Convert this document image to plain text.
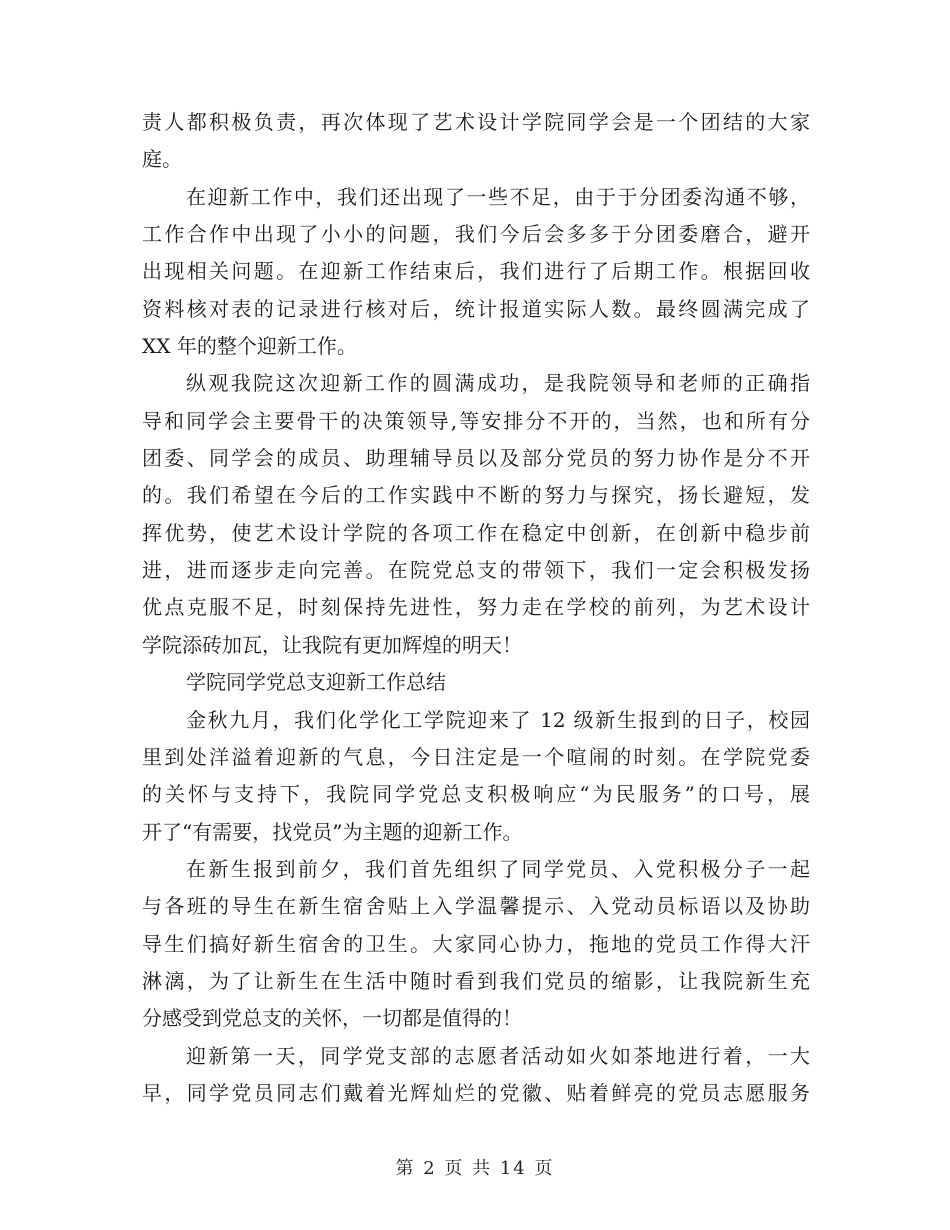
责人都积极负责，再次体现了艺术设计学院同学会是一个团结的大家
庭。
在迎新工作中，我们还出现了一些不足，由于于分团委沟通不够，
工作合作中出现了小小的问题，我们今后会多多于分团委磨合，避开
出现相关问题。在迎新工作结束后，我们进行了后期工作。根据回收
资料核对表的记录进行核对后，统计报道实际人数。最终圆满完成了
XX 年的整个迎新工作。
纵观我院这次迎新工作的圆满成功，是我院领导和老师的正确指
导和同学会主要骨干的决策领导,等安排分不开的，当然，也和所有分
团委、同学会的成员、助理辅导员以及部分党员的努力协作是分不开
的。我们希望在今后的工作实践中不断的努力与探究，扬长避短，发
挥优势，使艺术设计学院的各项工作在稳定中创新，在创新中稳步前
进，进而逐步走向完善。在院党总支的带领下，我们一定会积极发扬
优点克服不足，时刻保持先进性，努力走在学校的前列，为艺术设计
学院添砖加瓦，让我院有更加辉煌的明天！
学院同学党总支迎新工作总结
金秋九月，我们化学化工学院迎来了 12 级新生报到的日子，校园
里到处洋溢着迎新的气息，今日注定是一个喧闹的时刻。在学院党委
的关怀与支持下，我院同学党总支积极响应“为民服务”的口号，展
开了“有需要，找党员”为主题的迎新工作。
在新生报到前夕，我们首先组织了同学党员、入党积极分子一起
与各班的导生在新生宿舍贴上入学温馨提示、入党动员标语以及协助
导生们搞好新生宿舍的卫生。大家同心协力，拖地的党员工作得大汗
淋漓，为了让新生在生活中随时看到我们党员的缩影，让我院新生充
分感受到党总支的关怀，一切都是值得的！
迎新第一天，同学党支部的志愿者活动如火如茶地进行着，一大
早，同学党员同志们戴着光辉灿烂的党徽、贴着鲜亮的党员志愿服务
第 2 页 共 14 页
